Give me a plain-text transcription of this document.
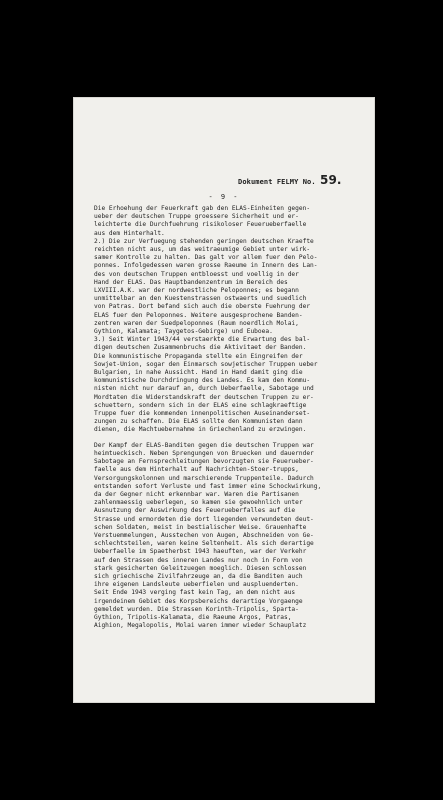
Dokument FELMY No. 59.
- 9 -
Die Erhoehung der Feuerkraft gab den ELAS-Einheiten gegen-
ueber der deutschen Truppe groessere Sicherheit und er-
leichterte die Durchfuehrung risikoloser Feuerueberfaelle
aus dem Hinterhalt.
2.) Die zur Verfuegung stehenden geringen deutschen Kraefte
reichten nicht aus, um das weitraeumige Gebiet unter wirk-
samer Kontrolle zu halten. Das galt vor allem fuer den Pelo-
ponnes. Infolgedessen waren grosse Raeume in Innern des Lan-
des von deutschen Truppen entbloesst und voellig in der
Hand der ELAS. Das Hauptbandenzentrum im Bereich des
LXVIII.A.K. war der nordwestliche Peloponnes; es begann
unmittelbar an den Kuestenstrassen ostwaerts und suedlich
von Patras. Dort befand sich auch die oberste Fuehrung der
ELAS fuer den Peloponnes. Weitere ausgesprochene Banden-
zentren waren der Suedpeloponnes (Raum noerdlich Molai,
Gythion, Kalamata; Taygetos-Gebirge) und Euboea.
3.) Seit Winter 1943/44 verstaerkte die Erwartung des bal-
digen deutschen Zusammenbruchs die Aktivitaet der Banden.
Die kommunistische Propaganda stellte ein Eingreifen der
Sowjet-Union, sogar den Einmarsch sowjetischer Truppen ueber
Bulgarien, in nahe Aussicht. Hand in Hand damit ging die
kommunistische Durchdringung des Landes. Es kam den Kommu-
nisten nicht nur darauf an, durch Ueberfaelle, Sabotage und
Mordtaten die Widerstandskraft der deutschen Truppen zu er-
schuettern, sondern sich in der ELAS eine schlagkraeftige
Truppe fuer die kommenden innenpolitischen Auseinanderset-
zungen zu schaffen. Die ELAS sollte den Kommunisten dann
dienen, die Machtuebernahme in Griechenland zu erzwingen.
Der Kampf der ELAS-Banditen gegen die deutschen Truppen war
heimtueckisch. Neben Sprengungen von Bruecken und dauernder
Sabotage an Fernsprechleitungen bevorzugten sie Feuerueber-
faelle aus dem Hinterhalt auf Nachrichten-Stoer-trupps,
Versorgungskolonnen und marschierende Truppenteile. Dadurch
entstanden sofort Verluste und fast immer eine Schockwirkung,
da der Gegner nicht erkennbar war. Waren die Partisanen
zahlenmaessig ueberlegen, so kamen sie gewoehnlich unter
Ausnutzung der Auswirkung des Feuerueberfalles auf die
Strasse und ermordeten die dort liegenden verwundeten deut-
schen Soldaten, meist in bestialischer Weise. Grauenhafte
Verstuemmelungen, Ausstechen von Augen, Abschneiden von Ge-
schlechtsteilen, waren keine Seltenheit. Als sich derartige
Ueberfaelle im Spaetherbst 1943 haeuften, war der Verkehr
auf den Strassen des inneren Landes nur noch in Form von
stark gesicherten Geleitzuegen moeglich. Diesen schlossen
sich griechische Zivilfahrzeuge an, da die Banditen auch
ihre eigenen Landsleute ueberfielen und auspluenderten.
Seit Ende 1943 verging fast kein Tag, an dem nicht aus
irgendeinem Gebiet des Korpsbereichs derartige Vorgaenge
gemeldet wurden. Die Strassen Korinth-Tripolis, Sparta-
Gythion, Tripolis-Kalamata, die Raeume Argos, Patras,
Aighion, Megalopolis, Molai waren immer wieder Schauplatz
